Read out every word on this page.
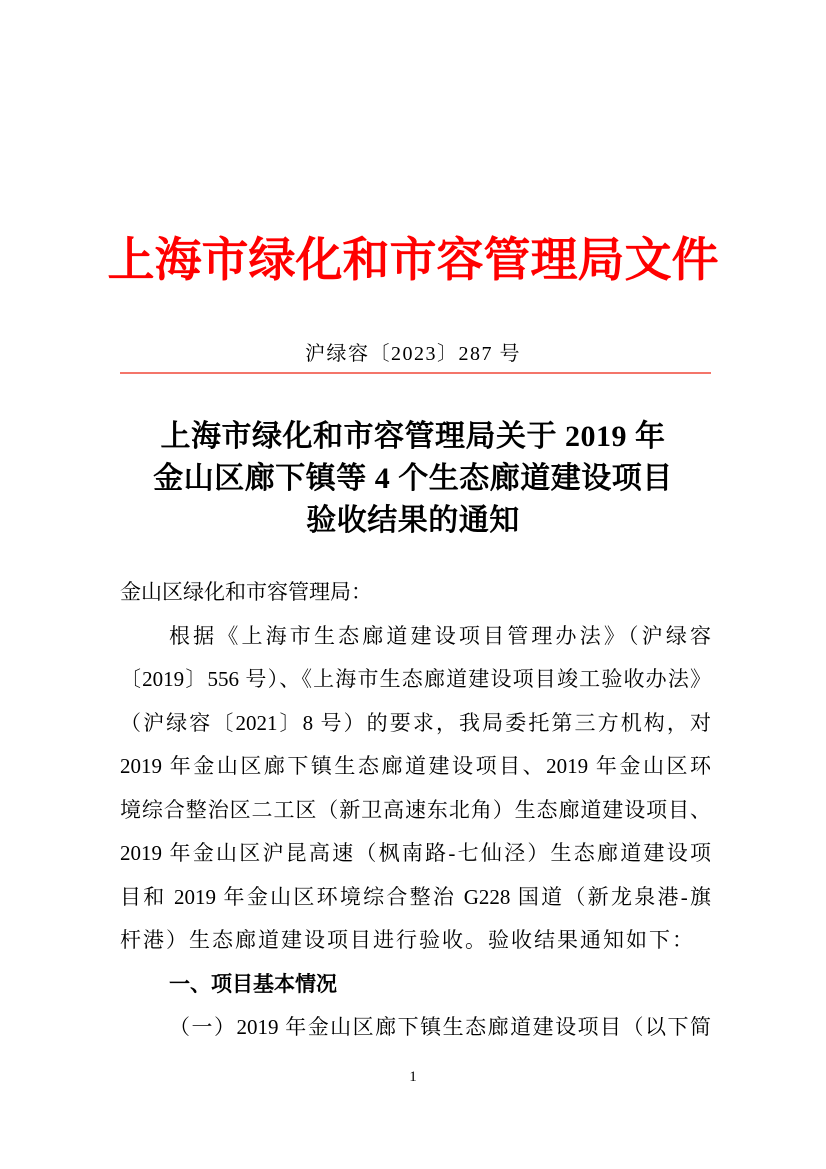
上海市绿化和市容管理局文件
沪绿容〔2023〕287 号
上海市绿化和市容管理局关于 2019 年
金山区廊下镇等 4 个生态廊道建设项目
验收结果的通知
金山区绿化和市容管理局：
根据《上海市生态廊道建设项目管理办法》（沪绿容
〔2019〕556 号）、《上海市生态廊道建设项目竣工验收办法》
（沪绿容〔2021〕8 号）的要求，我局委托第三方机构，对
2019 年金山区廊下镇生态廊道建设项目、2019 年金山区环
境综合整治区二工区（新卫高速东北角）生态廊道建设项目、
2019 年金山区沪昆高速（枫南路-七仙泾）生态廊道建设项
目和 2019 年金山区环境综合整治 G228 国道（新龙泉港-旗
杆港）生态廊道建设项目进行验收。验收结果通知如下：
一、项目基本情况
（一）2019 年金山区廊下镇生态廊道建设项目（以下简
1
